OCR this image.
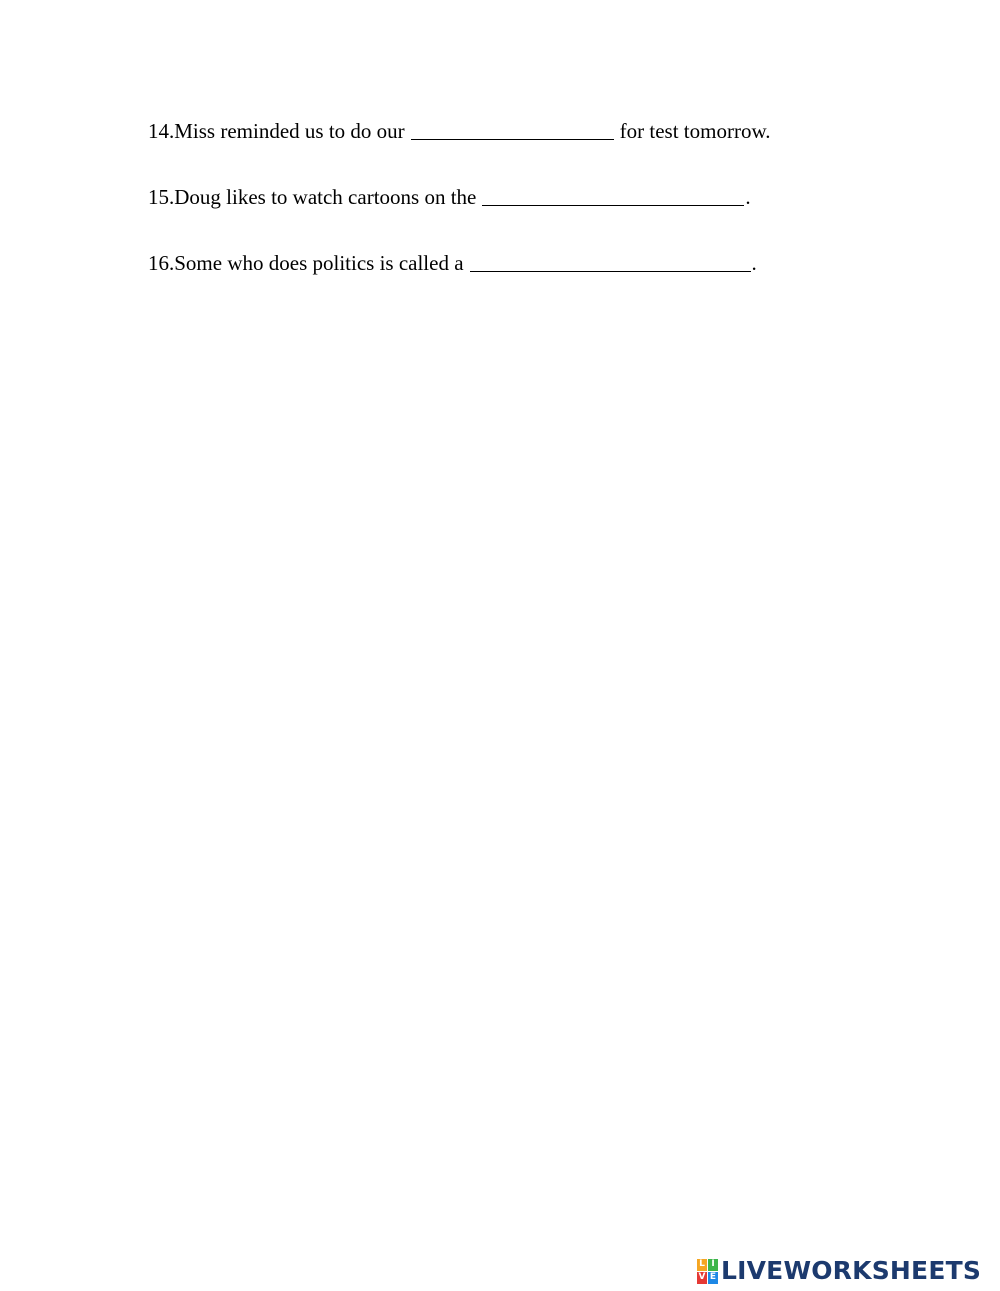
14.Miss reminded us to do our	for test tomorrow.
15.Doug likes to watch cartoons on the	.
16.Some who does politics is called a	.
L I
V E LIVEWORKSHEETS
